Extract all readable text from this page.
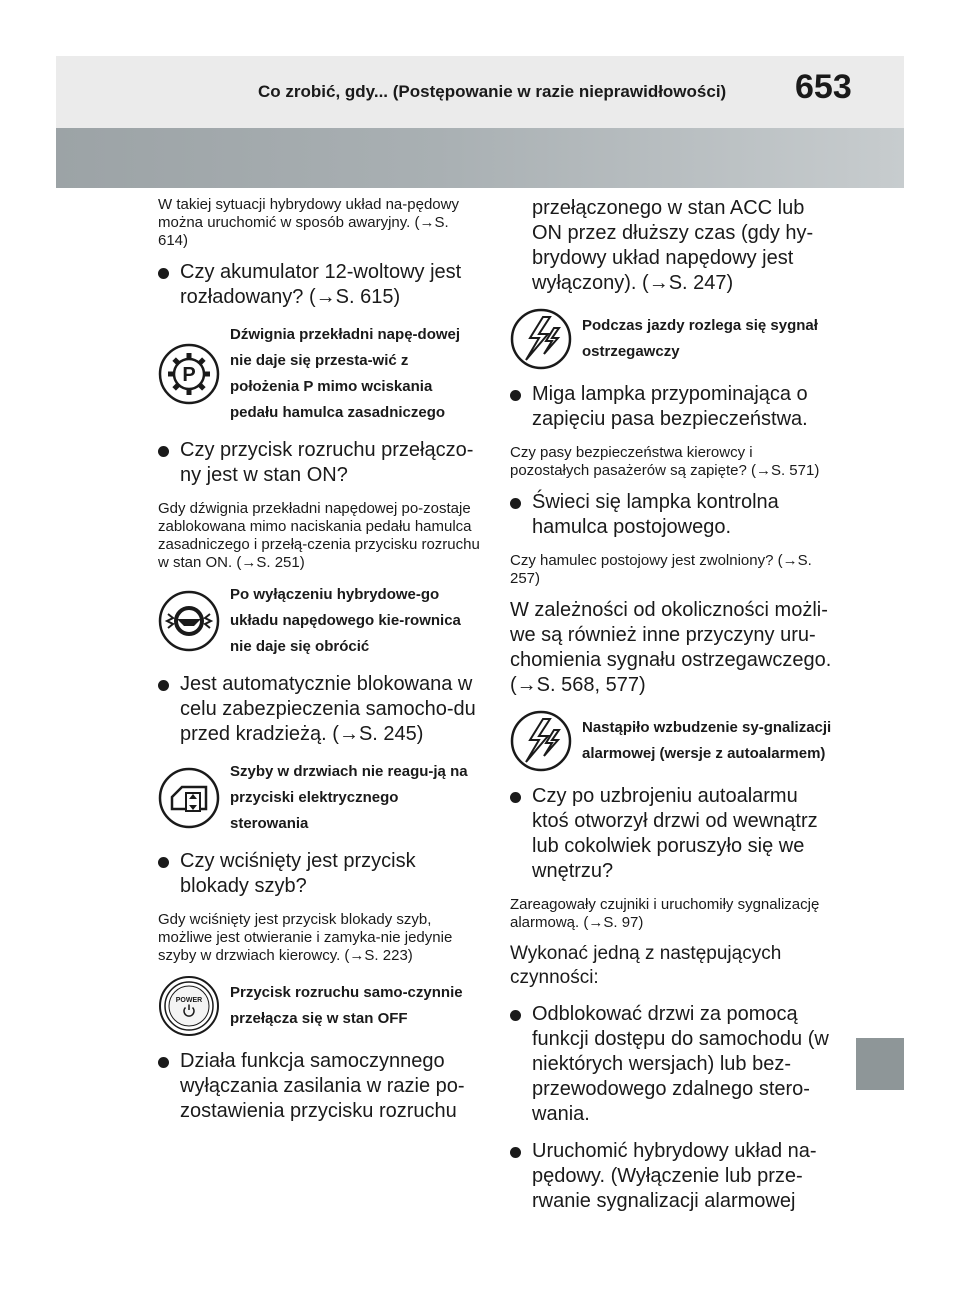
Co zrobić, gdy... (Postępowanie w razie nieprawidłowości) 653

W takiej sytuacji hybrydowy układ na-pędowy można uruchomić w sposób awaryjny. (→S. 614)

Czy akumulator 12-woltowy jest rozładowany? (→S. 615)
P
Dźwignia przekładni napę-dowej nie daje się przesta-wić z położenia P mimo wciskania pedału hamulca zasadniczego
Czy przycisk rozruchu przełączo-ny jest w stan ON?

Gdy dźwignia przekładni napędowej po-zostaje zablokowana mimo naciskania pedału hamulca zasadniczego i przełą-czenia przycisku rozruchu w stan ON. (→S. 251)

Po wyłączeniu hybrydowe-go układu napędowego kie-rownica nie daje się obrócić
Jest automatycznie blokowana w celu zabezpieczenia samocho-du przed kradzieżą. (→S. 245)
Szyby w drzwiach nie reagu-ją na przyciski elektrycznego sterowania
Czy wciśnięty jest przycisk blokady szyb?

Gdy wciśnięty jest przycisk blokady szyb, możliwe jest otwieranie i zamyka-nie jedynie szyby w drzwiach kierowcy. (→S. 223)

POWER Przycisk rozruchu samo-czynnie przełącza się w stan OFF
Działa funkcja samoczynnego wyłączania zasilania w razie po-zostawienia przycisku rozruchu

przełączonego w stan ACC lub ON przez dłuższy czas (gdy hy-brydowy układ napędowy jest wyłączony). (→S. 247)

Podczas jazdy rozlega się sygnał ostrzegawczy
Miga lampka przypominająca o zapięciu pasa bezpieczeństwa.

Czy pasy bezpieczeństwa kierowcy i pozostałych pasażerów są zapięte? (→S. 571)

Świeci się lampka kontrolna hamulca postojowego.

Czy hamulec postojowy jest zwolniony? (→S. 257)

W zależności od okoliczności możli-we są również inne przyczyny uru-chomienia sygnału ostrzegawczego. (→S. 568, 577)

Nastąpiło wzbudzenie sy-gnalizacji alarmowej (wersje z autoalarmem)
Czy po uzbrojeniu autoalarmu ktoś otworzył drzwi od wewnątrz lub cokolwiek poruszyło się we wnętrzu?

Zareagowały czujniki i uruchomiły sygnalizację alarmową. (→S. 97)

Wykonać jedną z następujących czynności:

Odblokować drzwi za pomocą funkcji dostępu do samochodu (w niektórych wersjach) lub bez-przewodowego zdalnego stero-wania.
Uruchomić hybrydowy układ na-pędowy. (Wyłączenie lub prze-rwanie sygnalizacji alarmowej
